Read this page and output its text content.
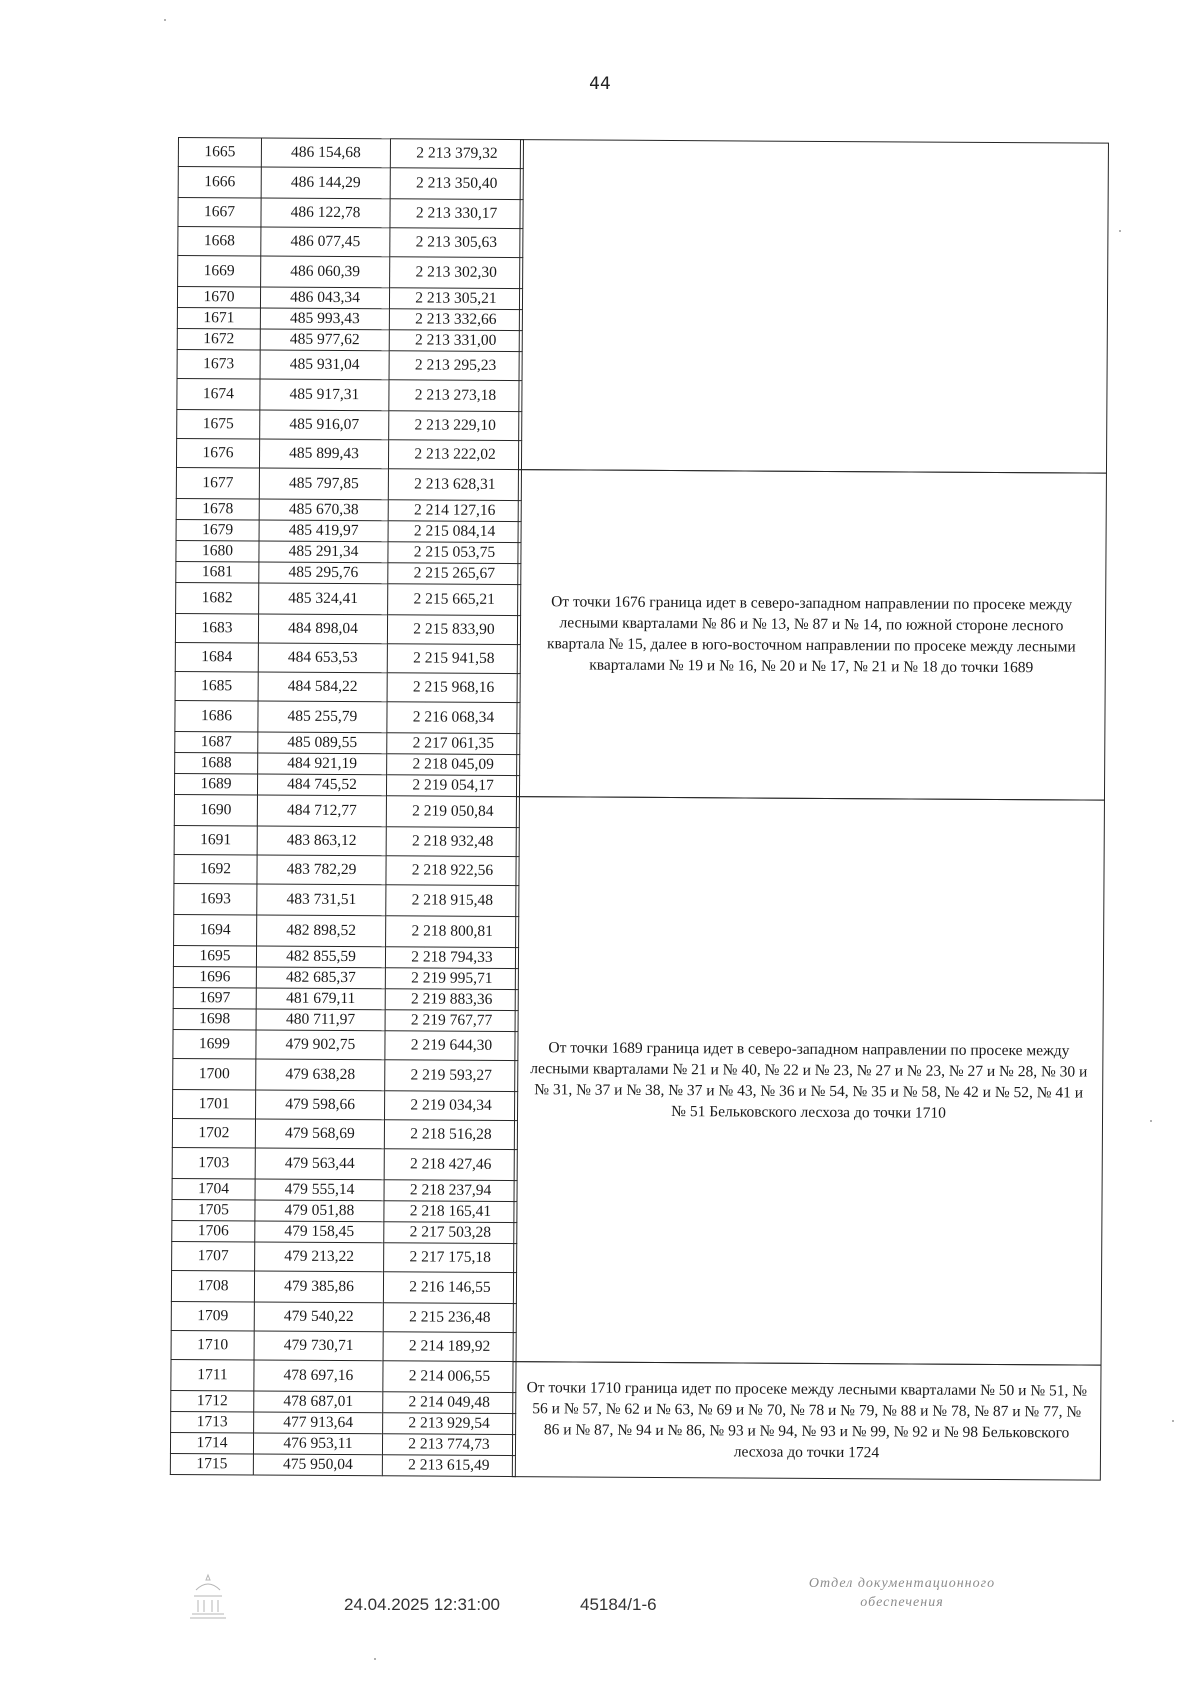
44
1665	486 154,68	2 213 379,32
1666	486 144,29	2 213 350,40
1667	486 122,78	2 213 330,17
1668	486 077,45	2 213 305,63
1669	486 060,39	2 213 302,30
1670	486 043,34	2 213 305,21
1671	485 993,43	2 213 332,66
1672	485 977,62	2 213 331,00
1673	485 931,04	2 213 295,23
1674	485 917,31	2 213 273,18
1675	485 916,07	2 213 229,10
1676	485 899,43	2 213 222,02
1677	485 797,85	2 213 628,31
1678	485 670,38	2 214 127,16
1679	485 419,97	2 215 084,14
1680	485 291,34	2 215 053,75
1681	485 295,76	2 215 265,67
1682	485 324,41	2 215 665,21
1683	484 898,04	2 215 833,90
1684	484 653,53	2 215 941,58
1685	484 584,22	2 215 968,16
1686	485 255,79	2 216 068,34
1687	485 089,55	2 217 061,35
1688	484 921,19	2 218 045,09
1689	484 745,52	2 219 054,17
1690	484 712,77	2 219 050,84
1691	483 863,12	2 218 932,48
1692	483 782,29	2 218 922,56
1693	483 731,51	2 218 915,48
1694	482 898,52	2 218 800,81
1695	482 855,59	2 218 794,33
1696	482 685,37	2 219 995,71
1697	481 679,11	2 219 883,36
1698	480 711,97	2 219 767,77
1699	479 902,75	2 219 644,30
1700	479 638,28	2 219 593,27
1701	479 598,66	2 219 034,34
1702	479 568,69	2 218 516,28
1703	479 563,44	2 218 427,46
1704	479 555,14	2 218 237,94
1705	479 051,88	2 218 165,41
1706	479 158,45	2 217 503,28
1707	479 213,22	2 217 175,18
1708	479 385,86	2 216 146,55
1709	479 540,22	2 215 236,48
1710	479 730,71	2 214 189,92
1711	478 697,16	2 214 006,55
1712	478 687,01	2 214 049,48
1713	477 913,64	2 213 929,54
1714	476 953,11	2 213 774,73
1715	475 950,04	2 213 615,49
От точки 1676 граница идет в северо-западном направлении по просеке между лесными кварталами № 86 и № 13, № 87 и № 14, по южной стороне лесного квартала № 15, далее в юго-восточном направлении по просеке между лесными кварталами № 19 и № 16, № 20 и № 17, № 21 и № 18 до точки 1689
От точки 1689 граница идет в северо-западном направлении по просеке между лесными кварталами № 21 и № 40, № 22 и № 23, № 27 и № 23, № 27 и № 28, № 30 и № 31, № 37 и № 38, № 37 и № 43, № 36 и № 54, № 35 и № 58, № 42 и № 52, № 41 и № 51 Бельковского лесхоза до точки 1710
От точки 1710 граница идет по просеке между лесными кварталами № 50 и № 51, № 56 и № 57, № 62 и № 63, № 69 и № 70, № 78 и № 79, № 88 и № 78, № 87 и № 77, № 86 и № 87, № 94 и № 86, № 93 и № 94, № 93 и № 99, № 92 и № 98 Бельковского лесхоза до точки 1724
24.04.2025 12:31:00	45184/1-6
Отдел документационного
обеспечения
